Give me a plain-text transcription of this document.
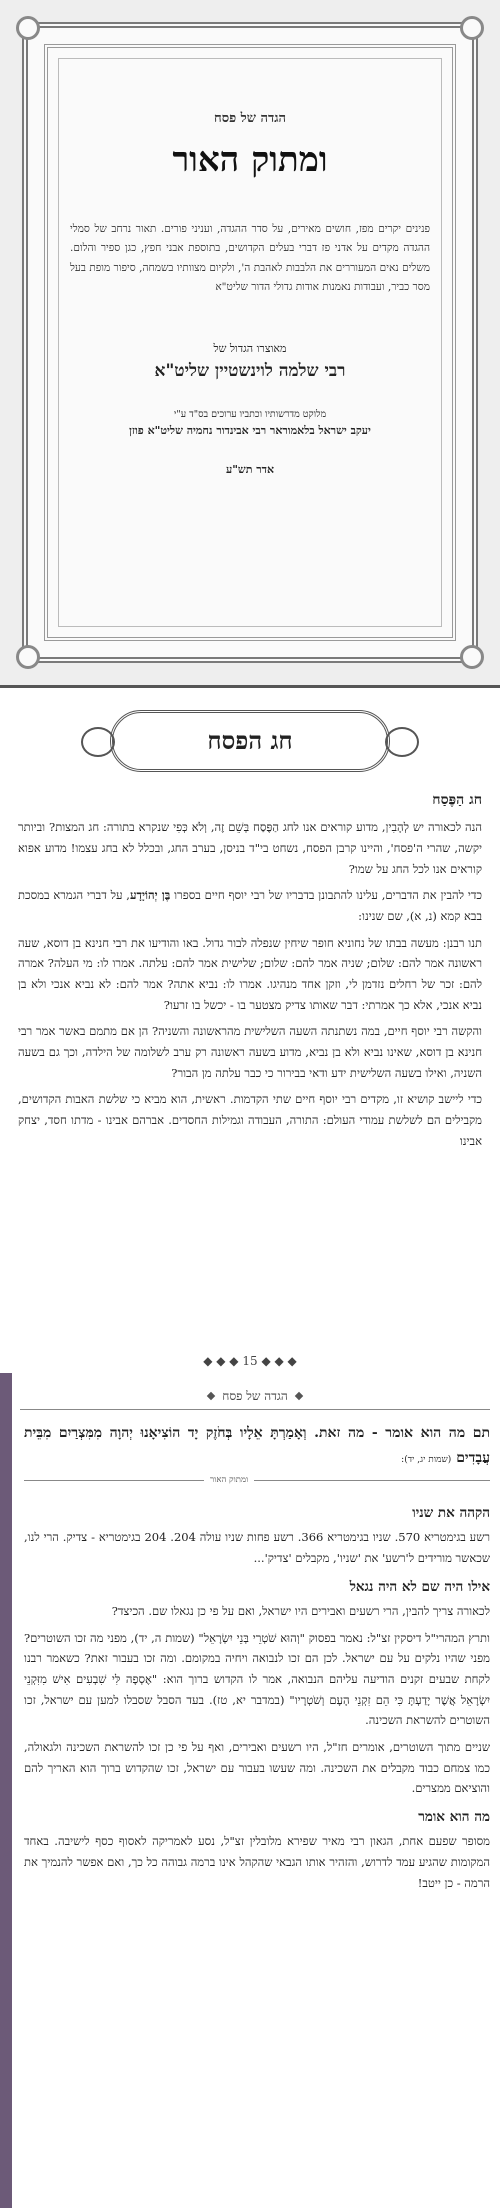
הגדה של פסח
ומתוק האור
פנינים יקרים מפז, חושים מאירים, על סדר ההגדה, ועניני פורים. תאור נרחב של סמלי ההגדה מקדים על אדני פז דברי בעלים הקדושים, בתוספת אבני חפץ, כגן ספיר והלום. משלים נאים המעוררים את הלבבות לאהבת ה', ולקיום מצוותיו בשמחה, סיפור מופת בעל מסר כביר, ועבודות נאמנות אודות גדולי הדור שליט"א
מאוצרו הגדול של
רבי שלמה לוינשטיין שליט"א
מלוקט מדרשותיו וכתביו ערוכים בס"ד ע"י
יעקב ישראל בלאמוראר רבי אבינדור נחמיה שליט"א פוזן
אדר תש"ע
חג הפסח
חג הַפֶּסַח

הנה לכאורה יש לְהָבִין, מדוע קוראים אנו לחג הַפֶּסַח בְּשֵׁם זֶה, וְלֹא כְּפִי שנקרא בתורה: חג המצות? וביותר יקשה, שהרי ה'פסח', והיינו קרבן הפסח, נשחט בי"ד בניסן, בערב החג, ובכלל לא בחג עצמו! מדוע אפוא קוראים אנו לכל החג על שמו?

כדי להבין את הדברים, עלינו להתבונן בדבריו של רבי יוסף חיים בספרו בֶּן יְהוֹיָדָע, על דברי הגמרא במסכת בבא קמא (נ, א), שם שנינו:

תנו רבנן: מעשה בבתו של נחוניא חופר שיחין שנפלה לבור גדול. באו והודיעו את רבי חנינא בן דוסא, שעה ראשונה אמר להם: שלום; שניה אמר להם: שלום; שלישית אמר להם: עלתה. אמרו לו: מי העלה? אמרה להם: זכר של רחלים נזדמן לי, וזקן אחד מנהיגו. אמרו לו: נביא אתה? אמר להם: לא נביא אנכי ולא בן נביא אנכי, אלא כך אמרתי: דבר שאותו צדיק מצטער בו - יכשל בו זרעו?

והקשה רבי יוסף חיים, במה נשתנתה השעה השלישית מהראשונה והשניה? הן אם מתמם באשר אמר רבי חנינא בן דוסא, שאינו נביא ולא בן נביא, מדוע בשעה ראשונה רק ערב לשלומה של הילדה, וכך גם בשעה השניה, ואילו בשעה השלישית ידע ודאי בבירור כי כבר עלתה מן הבור?

כדי ליישב קושיא זו, מקדים רבי יוסף חיים שתי הקדמות. ראשית, הוא מביא כי שלשת האבות הקדושים, מקבילים הם לשלשת עמודי העולם: התורה, העבודה וגמילות החסדים. אברהם אבינו - מדתו חסד, יצחק אבינו

◆ ◆ ◆ 15 ◆ ◆ ◆
הגדה של פסח
תם מה הוא אומר - מה זאת. וְאָמַרְתָּ אֵלָיו בְּחֹזֶק יָד הוֹצִיאָנוּ יְהוָה מִמִּצְרַיִם מִבֵּית עֲבָדִים (שמות יג, יד):
ומתוק האור
הקהה את שניו

רשע בגימטריא 570. שניו בגימטריא 366. רשע פחות שניו עולה 204. 204 בגימטריא - צדיק. הרי לנו, שכאשר מורידים ל'רשע' את 'שניו', מקבלים 'צדיק'...

אילו היה שם לא היה נגאל

לכאורה צריך להבין, הרי רשעים ואבירים היו ישראל, ואם על פי כן נגאלו שם. הכיצד?

ותרץ המהרי"ל דיסקין זצ"ל: נאמר בפסוק "וְהוּא שֹׁטְרֵי בְּנֵי יִשְׂרָאֵל" (שמות ה, יד), מפני מה זכו השוטרים? מפני שהיו נלקים על עם ישראל. לכן הם זכו לנבואה ויחיה במקומם. ומה זכו בעבור זאת? כשאמר רבנו לקחת שבעים זקנים הודיעה עליהם הנבואה, אמר לו הקדוש ברוך הוא: "אֶסְפָה לִּי שִׁבְעִים אִישׁ מִזִּקְנֵי יִשְׂרָאֵל אֲשֶׁר יָדַעְתָּ כִּי הֵם זִקְנֵי הָעָם וְשֹׁטְרָיו" (במדבר יא, טז). בעד הסבל שסבלו למען עם ישראל, זכו השוטרים להשראת השכינה.

שניים מתוך השוטרים, אומרים חז"ל, היו רשעים ואבירים, ואף על פי כן זכו להשראת השכינה ולגאולה, כמו צמחם כבוד מקבלים את השכינה. ומה שעשו בעבור עם ישראל, זכו שהקדוש ברוך הוא האריך להם והוציאם ממצרים.

מה הוא אומר

מסופר שפעם אחת, הגאון רבי מאיר שפירא מלובלין זצ"ל, נסע לאמריקה לאסוף כסף לישיבה. באחד המקומות שהגיע עמד לדרוש, והזהיר אותו הגבאי שהקהל אינו ברמה גבוהה כל כך, ואם אפשר להנמיך את הרמה - כן ייטב!
